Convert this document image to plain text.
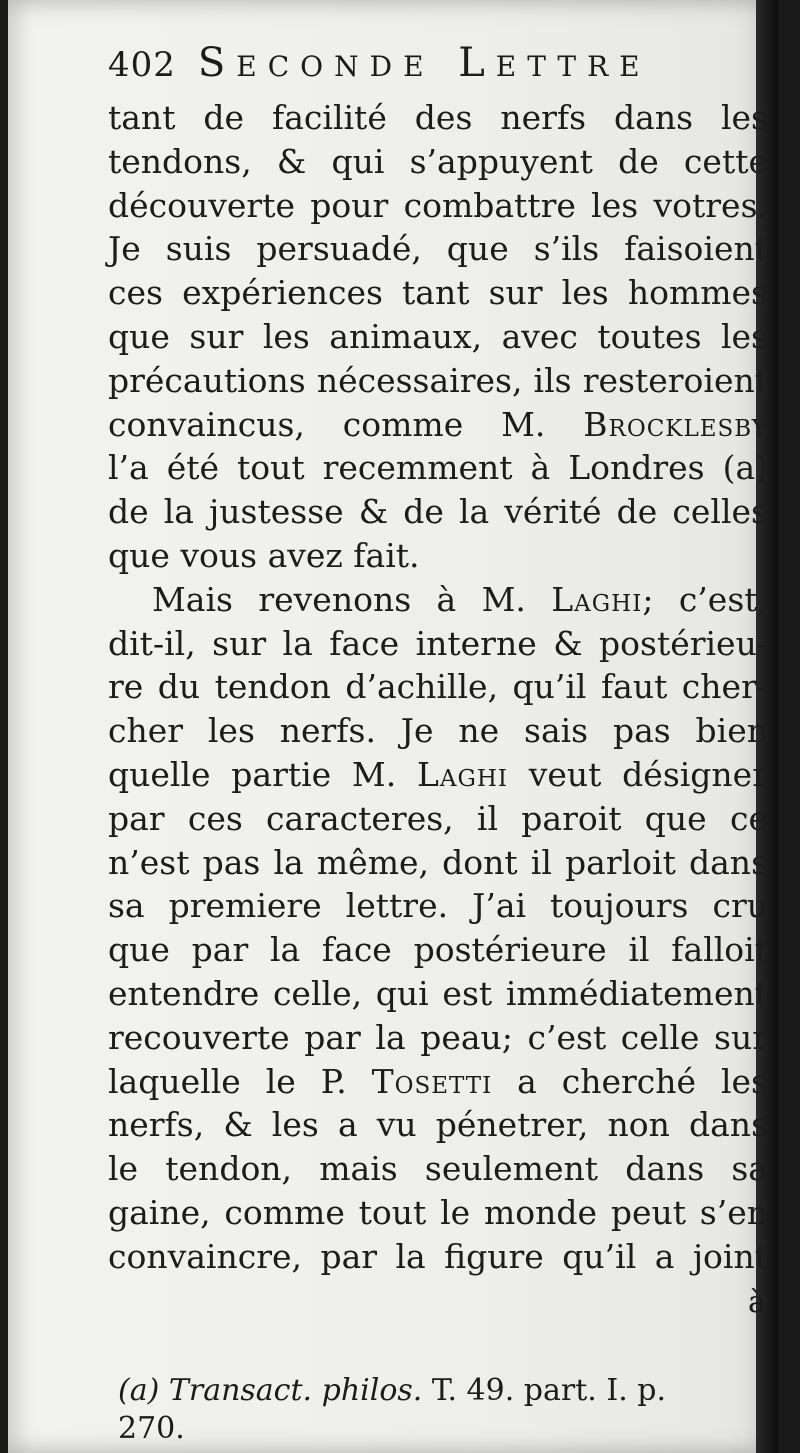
402 Seconde Lettre
tant de facilité des nerfs dans les
tendons, & qui s’appuyent de cette
découverte pour combattre les votres.
Je suis persuadé, que s’ils faisoient
ces expériences tant sur les hommes
que sur les animaux, avec toutes les
précautions nécessaires, ils resteroient
convaincus, comme M. Brocklesby
l’a été tout recemment à Londres (a)
de la justesse & de la vérité de celles
que vous avez fait.
Mais revenons à M. Laghi; c’est,
dit-il, sur la face interne & postérieu-
re du tendon d’achille, qu’il faut cher-
cher les nerfs. Je ne sais pas bien
quelle partie M. Laghi veut désigner
par ces caracteres, il paroit que ce
n’est pas la même, dont il parloit dans
sa premiere lettre. J’ai toujours cru
que par la face postérieure il falloit
entendre celle, qui est immédiatement
recouverte par la peau; c’est celle sur
laquelle le P. Tosetti a cherché les
nerfs, & les a vu pénetrer, non dans
le tendon, mais seulement dans sa
gaine, comme tout le monde peut s’en
convaincre, par la figure qu’il a joint
à
(a) Transact. philos. T. 49. part. I. p.
270.
